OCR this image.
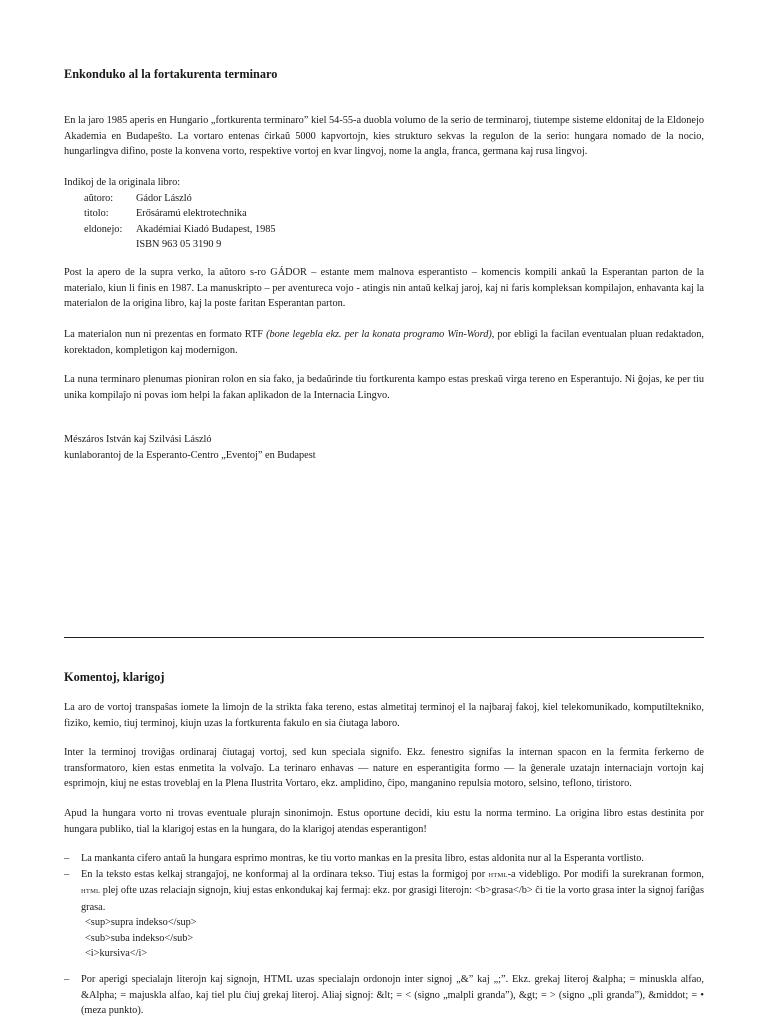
Enkonduko al la fortakurenta terminaro

En la jaro 1985 aperis en Hungario „fortkurenta terminaro” kiel 54-55-a duobla volumo de la serio de terminaroj, tiutempe sisteme eldonitaj de la Eldonejo Akademia en Budapeŝto. La vortaro entenas ĉirkaŭ 5000 kapvortojn, kies strukturo sekvas la regulon de la serio: hungara nomado de la nocio, hungarlingva difino, poste la konvena vorto, respektive vortoj en kvar lingvoj, nome la angla, franca, germana kaj rusa lingvoj.

Indikoj de la originala libro:
aŭtoro:	Gádor László
titolo:	Erősáramú elektrotechnika
eldonejo:	Akadémiai Kiadó Budapest, 1985
ISBN 963 05 3190 9

Post la apero de la supra verko, la aŭtoro s-ro GÁDOR – estante mem malnova esperantisto – komencis kompili ankaŭ la Esperantan parton de la materialo, kiun li finis en 1987. La manuskripto – per aventureca vojo - atingis nin antaŭ kelkaj jaroj, kaj ni faris kompleksan kompilajon, enhavanta kaj la materialon de la origina libro, kaj la poste faritan Esperantan parton.

La materialon nun ni prezentas en formato RTF (bone legebla ekz. per la konata programo Win-Word), por ebligi la facilan eventualan pluan redaktadon, korektadon, kompletigon kaj modernigon.

La nuna terminaro plenumas pioniran rolon en sia fako, ja bedaŭrinde tiu fortkurenta kampo estas preskaŭ virga tereno en Esperantujo. Ni ĝojas, ke per tiu unika kompilaĵo ni povas iom helpi la fakan aplikadon de la Internacia Lingvo.

Mészáros István kaj Szilvási László
kunlaborantoj de la Esperanto-Centro „Eventoj” en Budapest
Komentoj, klarigoj

La aro de vortoj transpaŝas iomete la limojn de la strikta faka tereno, estas almetitaj terminoj el la najbaraj fakoj, kiel telekomunikado, komputilteknikо, fiziko, kemio, tiuj terminoj, kiujn uzas la fortkurenta fakulo en sia ĉiutaga laboro.

Inter la terminoj troviĝas ordinaraj ĉiutagaj vortoj, sed kun speciala signifo. Ekz. fenestro signifas la internan spacon en la fermita ferkerno de transformatoro, kien estas enmetita la volvaĵo. La terinaro enhavas — nature en esperantigita formo — la ĝenerale uzatajn internaciajn vortojn kaj esprimojn, kiuj ne estas troveblaj en la Plena Ilustrita Vortaro, ekz. amplidino, ĉipo, manganino repulsia motoro, selsino, teflono, tiristoro.

Apud la hungara vorto ni trovas eventuale plurajn sinonimojn. Estus oportune decidi, kiu estu la norma termino. La origina libro estas destinita por hungara publiko, tial la klarigoj estas en la hungara, do la klarigoj atendas esperantigon!

–	La mankanta cifero antaŭ la hungara esprimo montras, ke tiu vorto mankas en la presita libro, estas aldonita nur al la Esperanta vortlisto.
–	En la teksto estas kelkaj strangaĵoj, ne konformaj al la ordinara tekso. Tiuj estas la formigoj por HTML-a videbligo. Por modifi la surekranan formon, HTML plej ofte uzas relaciajn signojn, kiuj estas enkondukaj kaj fermaj: ekz. por grasigi literojn: <b>grasa</b> ĉi tie la vorto grasa inter la signoj fariĝas grasa.
<sup>supra indekso</sup>
<sub>suba indekso</sub>
<i>kursiva</i>
–	Por aperigi specialajn literojn kaj signojn, HTML uzas specialajn ordonojn inter signoj „&” kaj „;”. Ekz. grekaj literoj &alpha; = minuskla alfao, &Alpha; = majuskla alfao, kaj tiel plu ĉiuj grekaj literoj. Aliaj signoj: &lt; = < (signo „malpli granda”), &gt; = > (signo „pli granda”), &middot; = • (meza punkto).
